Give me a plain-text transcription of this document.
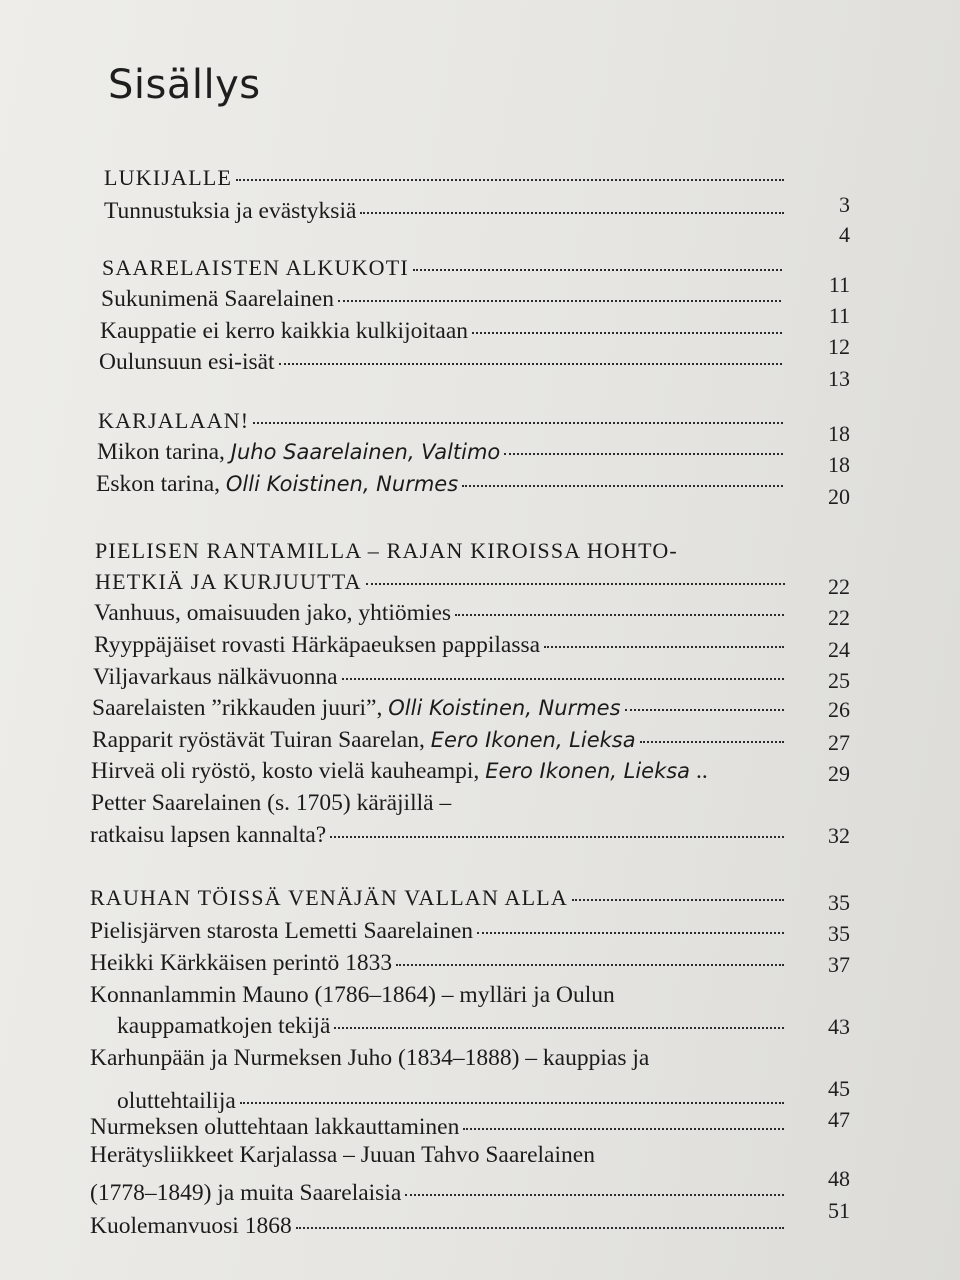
Sisällys
LUKIJALLE
Tunnustuksia ja evästyksiä	3
4
SAARELAISTEN ALKUKOTI
Sukunimenä Saarelainen
Kauppatie ei kerro kaikkia kulkijoitaan
Oulunsuun esi-isät
11
11
12
13
KARJALAAN!
Mikon tarina,
Juho Saarelainen, Valtimo
Eskon tarina,
Olli Koistinen, Nurmes
18
18
20
PIELISEN RANTAMILLA – RAJAN KIROISSA HOHTO-
HETKIÄ JA KURJUUTTA
Vanhuus, omaisuuden jako, yhtiömies
Ryyppäjäiset rovasti Härkäpaeuksen pappilassa
Viljavarkaus nälkävuonna
Saarelaisten ”rikkauden juuri”,
Olli Koistinen, Nurmes
Rapparit ryöstävät Tuiran Saarelan,
Eero Ikonen, Lieksa
Hirveä oli ryöstö, kosto vielä kauheampi,
Eero Ikonen, Lieksa
..
Petter Saarelainen (s. 1705) käräjillä –
ratkaisu lapsen kannalta?
22
22
24
25
26
27
29
32
RAUHAN TÖISSÄ VENÄJÄN VALLAN ALLA
Pielisjärven starosta Lemetti Saarelainen
Heikki Kärkkäisen perintö 1833
Konnanlammin Mauno (1786–1864) – mylläri ja Oulun
kauppamatkojen tekijä
Karhunpään ja Nurmeksen Juho (1834–1888) – kauppias ja
oluttehtailija
Nurmeksen oluttehtaan lakkauttaminen
Herätysliikkeet Karjalassa – Juuan Tahvo Saarelainen
(1778–1849) ja muita Saarelaisia
Kuolemanvuosi 1868
35
35
37
43
45
47
48
51
